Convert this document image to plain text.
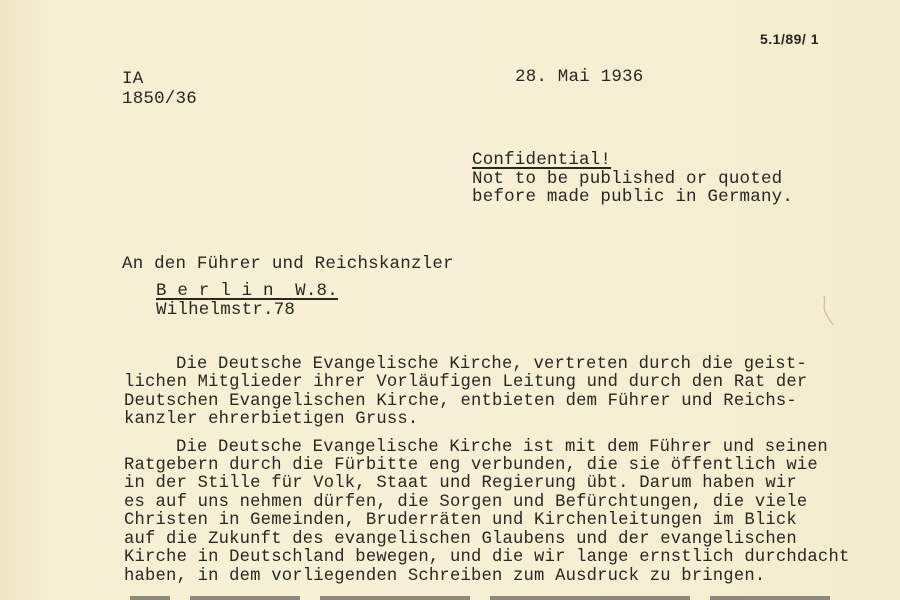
5.1/89/ 1
IA
1850/36
28. Mai 1936
Confidential!
Not to be published or quoted
before made public in Germany.
An den Führer und Reichskanzler
B e r l i n  W.8.
Wilhelmstr.78
Die Deutsche Evangelische Kirche, vertreten durch die geist-
lichen Mitglieder ihrer Vorläufigen Leitung und durch den Rat der
Deutschen Evangelischen Kirche, entbieten dem Führer und Reichs-
kanzler ehrerbietigen Gruss.
Die Deutsche Evangelische Kirche ist mit dem Führer und seinen
Ratgebern durch die Fürbitte eng verbunden, die sie öffentlich wie
in der Stille für Volk, Staat und Regierung übt. Darum haben wir
es auf uns nehmen dürfen, die Sorgen und Befürchtungen, die viele
Christen in Gemeinden, Bruderräten und Kirchenleitungen im Blick
auf die Zukunft des evangelischen Glaubens und der evangelischen
Kirche in Deutschland bewegen, und die wir lange ernstlich durchdacht
haben, in dem vorliegenden Schreiben zum Ausdruck zu bringen.
